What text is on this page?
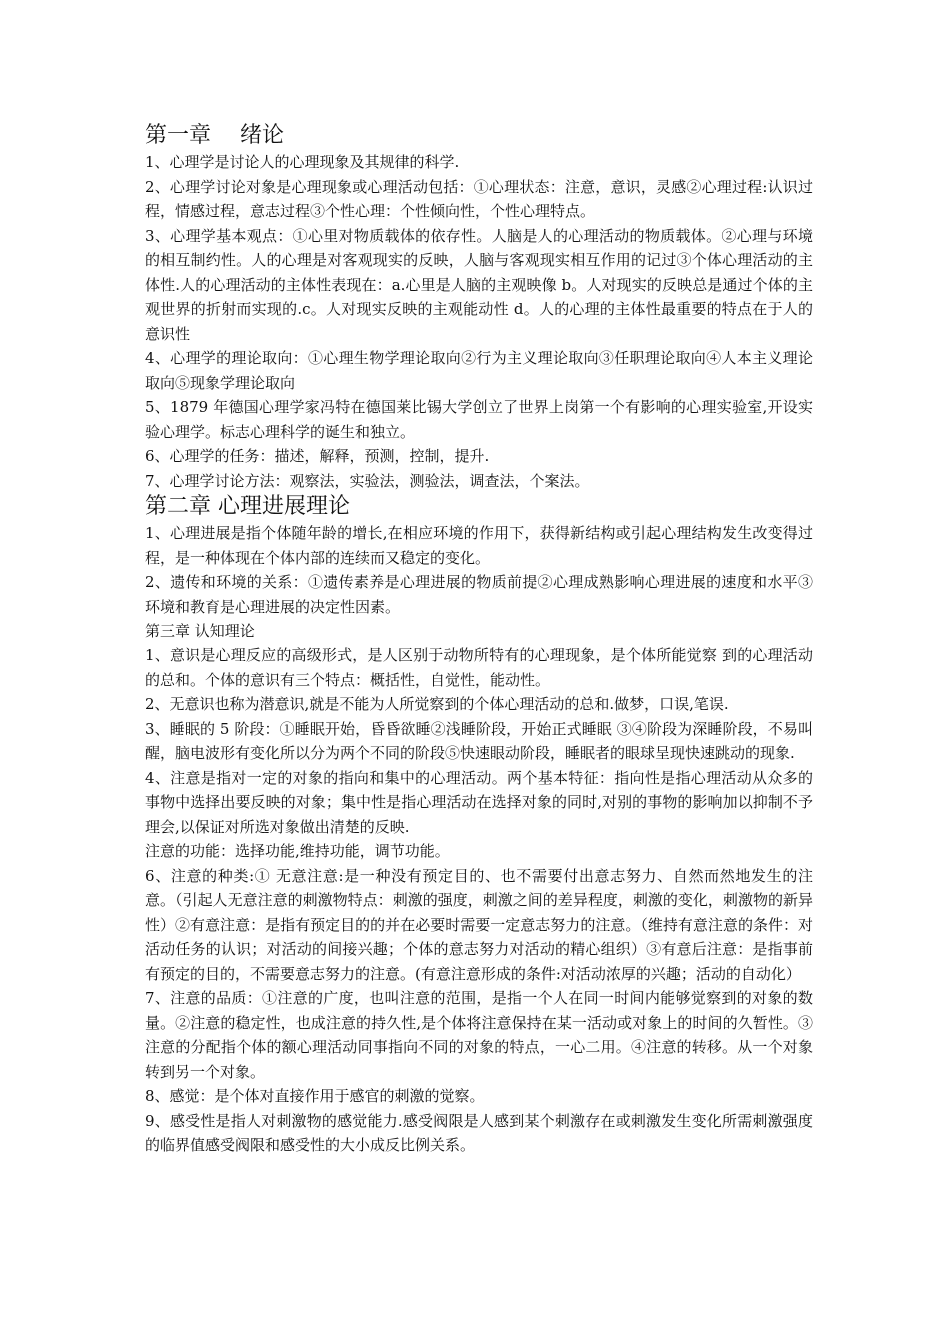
第一章　 绪论

1、心理学是讨论人的心理现象及其规律的科学.

2、心理学讨论对象是心理现象或心理活动包括：①心理状态：注意，意识，灵感②心理过程:认识过程，情感过程，意志过程③个性心理：个性倾向性，个性心理特点。

3、心理学基本观点：①心里对物质载体的依存性。人脑是人的心理活动的物质载体。②心理与环境的相互制约性。人的心理是对客观现实的反映，人脑与客观现实相互作用的记过③个体心理活动的主体性.人的心理活动的主体性表现在：a.心里是人脑的主观映像 b。人对现实的反映总是通过个体的主观世界的折射而实现的.c。人对现实反映的主观能动性 d。人的心理的主体性最重要的特点在于人的意识性

4、心理学的理论取向：①心理生物学理论取向②行为主义理论取向③任职理论取向④人本主义理论取向⑤现象学理论取向

5、1879 年德国心理学家冯特在德国莱比锡大学创立了世界上岗第一个有影响的心理实验室,开设实验心理学。标志心理科学的诞生和独立。

6、心理学的任务：描述，解释，预测，控制，提升.

7、心理学讨论方法：观察法，实验法，测验法，调查法，个案法。

第二章 心理进展理论

1、心理进展是指个体随年龄的增长,在相应环境的作用下，获得新结构或引起心理结构发生改变得过程，是一种体现在个体内部的连续而又稳定的变化。

2、遗传和环境的关系：①遗传素养是心理进展的物质前提②心理成熟影响心理进展的速度和水平③环境和教育是心理进展的决定性因素。

第三章 认知理论

1、意识是心理反应的高级形式，是人区别于动物所特有的心理现象，是个体所能觉察 到的心理活动的总和。个体的意识有三个特点：概括性，自觉性，能动性。

2、无意识也称为潜意识,就是不能为人所觉察到的个体心理活动的总和.做梦，口误,笔误.

3、睡眠的 5 阶段：①睡眠开始，昏昏欲睡②浅睡阶段，开始正式睡眠 ③④阶段为深睡阶段，不易叫醒，脑电波形有变化所以分为两个不同的阶段⑤快速眼动阶段，睡眠者的眼球呈现快速跳动的现象.

4、注意是指对一定的对象的指向和集中的心理活动。两个基本特征：指向性是指心理活动从众多的事物中选择出要反映的对象；集中性是指心理活动在选择对象的同时,对别的事物的影响加以抑制不予理会,以保证对所选对象做出清楚的反映.

注意的功能：选择功能,维持功能，调节功能。

6、注意的种类:① 无意注意:是一种没有预定目的、也不需要付出意志努力、自然而然地发生的注意。（引起人无意注意的刺激物特点：刺激的强度，刺激之间的差异程度，刺激的变化，刺激物的新异性）②有意注意：是指有预定目的的并在必要时需要一定意志努力的注意。（维持有意注意的条件：对活动任务的认识；对活动的间接兴趣；个体的意志努力对活动的精心组织）③有意后注意：是指事前有预定的目的，不需要意志努力的注意。(有意注意形成的条件:对活动浓厚的兴趣；活动的自动化）

7、注意的品质：①注意的广度，也叫注意的范围，是指一个人在同一时间内能够觉察到的对象的数量。②注意的稳定性，也成注意的持久性,是个体将注意保持在某一活动或对象上的时间的久暂性。③注意的分配指个体的额心理活动同事指向不同的对象的特点，一心二用。④注意的转移。从一个对象转到另一个对象。

8、感觉：是个体对直接作用于感官的刺激的觉察。

9、感受性是指人对刺激物的感觉能力.感受阀限是人感到某个刺激存在或刺激发生变化所需刺激强度的临界值感受阀限和感受性的大小成反比例关系。
